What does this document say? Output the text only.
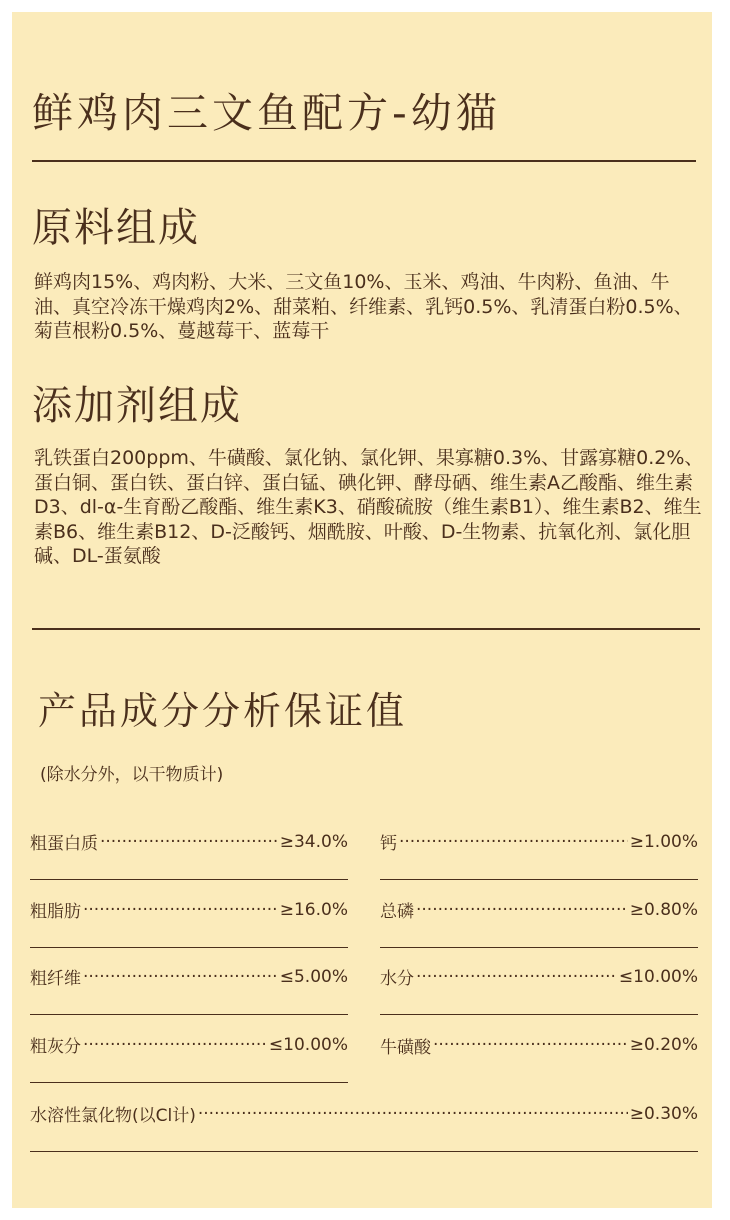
鲜鸡肉三文鱼配方-幼猫
原料组成
鲜鸡肉15%、鸡肉粉、大米、三文鱼10%、玉米、鸡油、牛肉粉、鱼油、牛油、真空冷冻干燥鸡肉2%、甜菜粕、纤维素、乳钙0.5%、乳清蛋白粉0.5%、菊苣根粉0.5%、蔓越莓干、蓝莓干
添加剂组成
乳铁蛋白200ppm、牛磺酸、氯化钠、氯化钾、果寡糖0.3%、甘露寡糖0.2%、蛋白铜、蛋白铁、蛋白锌、蛋白锰、碘化钾、酵母硒、维生素A乙酸酯、维生素D3、dl-α-生育酚乙酸酯、维生素K3、硝酸硫胺（维生素B1）、维生素B2、维生素B6、维生素B12、D-泛酸钙、烟酰胺、叶酸、D-生物素、抗氧化剂、氯化胆碱、DL-蛋氨酸
产品成分分析保证值
(除水分外，以干物质计)
粗蛋白质 ·····	≥34.0%
粗脂肪 ·····	≥16.0%
粗纤维 ·····	≤5.00%
粗灰分 ·····	≤10.00%
钙 ·····	≥1.00%
总磷 ·····	≥0.80%
水分 ·····	≤10.00%
牛磺酸 ·····	≥0.20%
水溶性氯化物(以Cl计) ·····	≥0.30%
